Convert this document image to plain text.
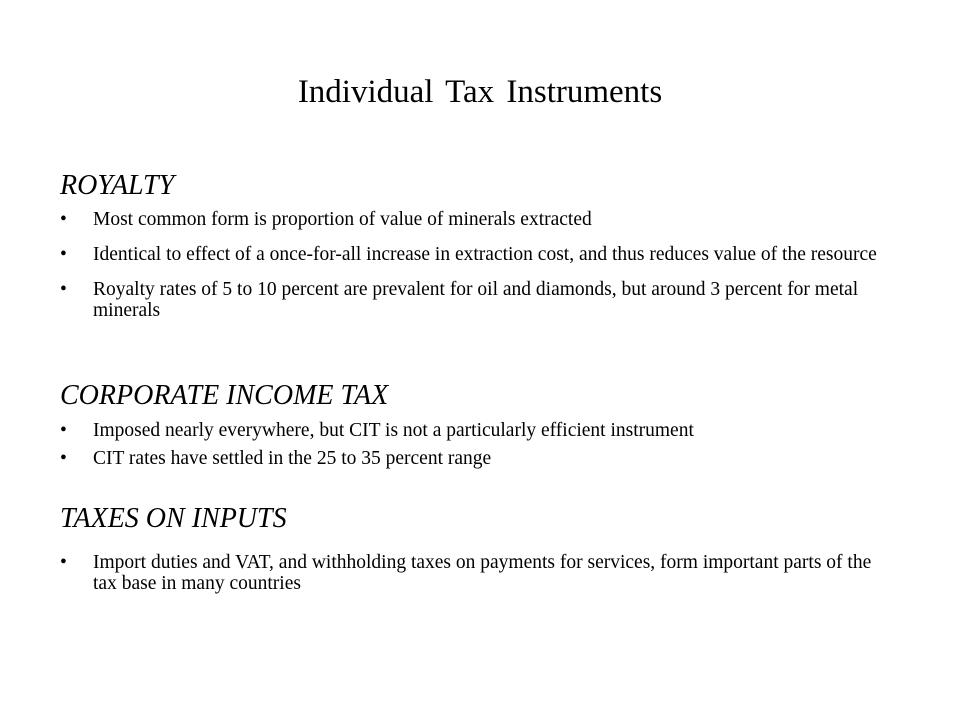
Individual Tax Instruments
ROYALTY
•	Most common form is proportion of value of minerals extracted
•	Identical to effect of a once-for-all increase in extraction cost, and thus reduces value of the resource
•	Royalty rates of 5 to 10 percent are prevalent for oil and diamonds, but around 3 percent for metal minerals
CORPORATE INCOME TAX
•	Imposed nearly everywhere, but CIT is not a particularly efficient instrument
•	CIT rates have settled in the 25 to 35 percent range
TAXES ON INPUTS
•	Import duties and VAT, and withholding taxes on payments for services, form important parts of the tax base in many countries
